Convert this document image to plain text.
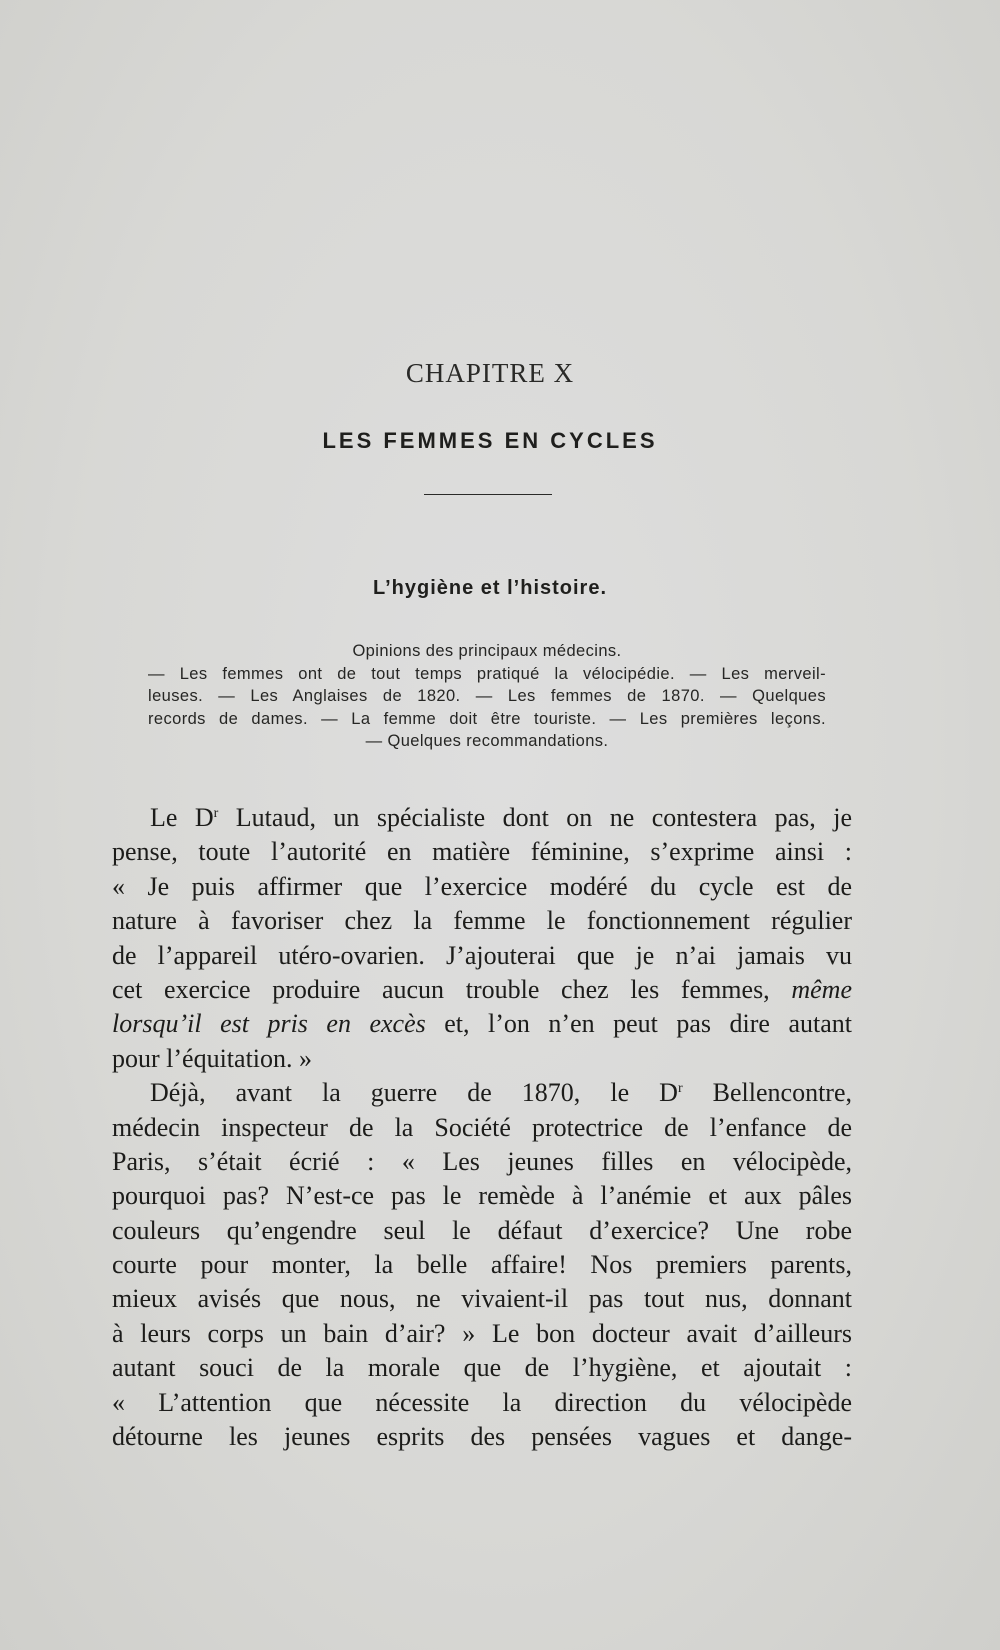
CHAPITRE X
LES FEMMES EN CYCLES
L’hygiène et l’histoire.
Opinions des principaux médecins.
— Les femmes ont de tout temps pratiqué la vélocipédie. — Les merveil-
leuses. — Les Anglaises de 1820. — Les femmes de 1870. — Quelques
records de dames. — La femme doit être touriste. — Les premières leçons.
— Quelques recommandations.
Le $D^r$ Lutaud, un spécialiste dont on ne contestera pas, je
pense, toute l’autorité en matière féminine, s’exprime ainsi :
« Je puis affirmer que l’exercice modéré du cycle est de
nature à favoriser chez la femme le fonctionnement régulier
de l’appareil utéro-ovarien. J’ajouterai que je n’ai jamais vu
cet exercice produire aucun trouble chez les femmes, même
lorsqu’il est pris en excès et, l’on n’en peut pas dire autant
pour l’équitation. »
Déjà, avant la guerre de 1870, le $D^r$ Bellencontre,
médecin inspecteur de la Société protectrice de l’enfance de
Paris, s’était écrié : « Les jeunes filles en vélocipède,
pourquoi pas? N’est-ce pas le remède à l’anémie et aux pâles
couleurs qu’engendre seul le défaut d’exercice? Une robe
courte pour monter, la belle affaire! Nos premiers parents,
mieux avisés que nous, ne vivaient-il pas tout nus, donnant
à leurs corps un bain d’air? » Le bon docteur avait d’ailleurs
autant souci de la morale que de l’hygiène, et ajoutait :
« L’attention que nécessite la direction du vélocipède
détourne les jeunes esprits des pensées vagues et dange-
